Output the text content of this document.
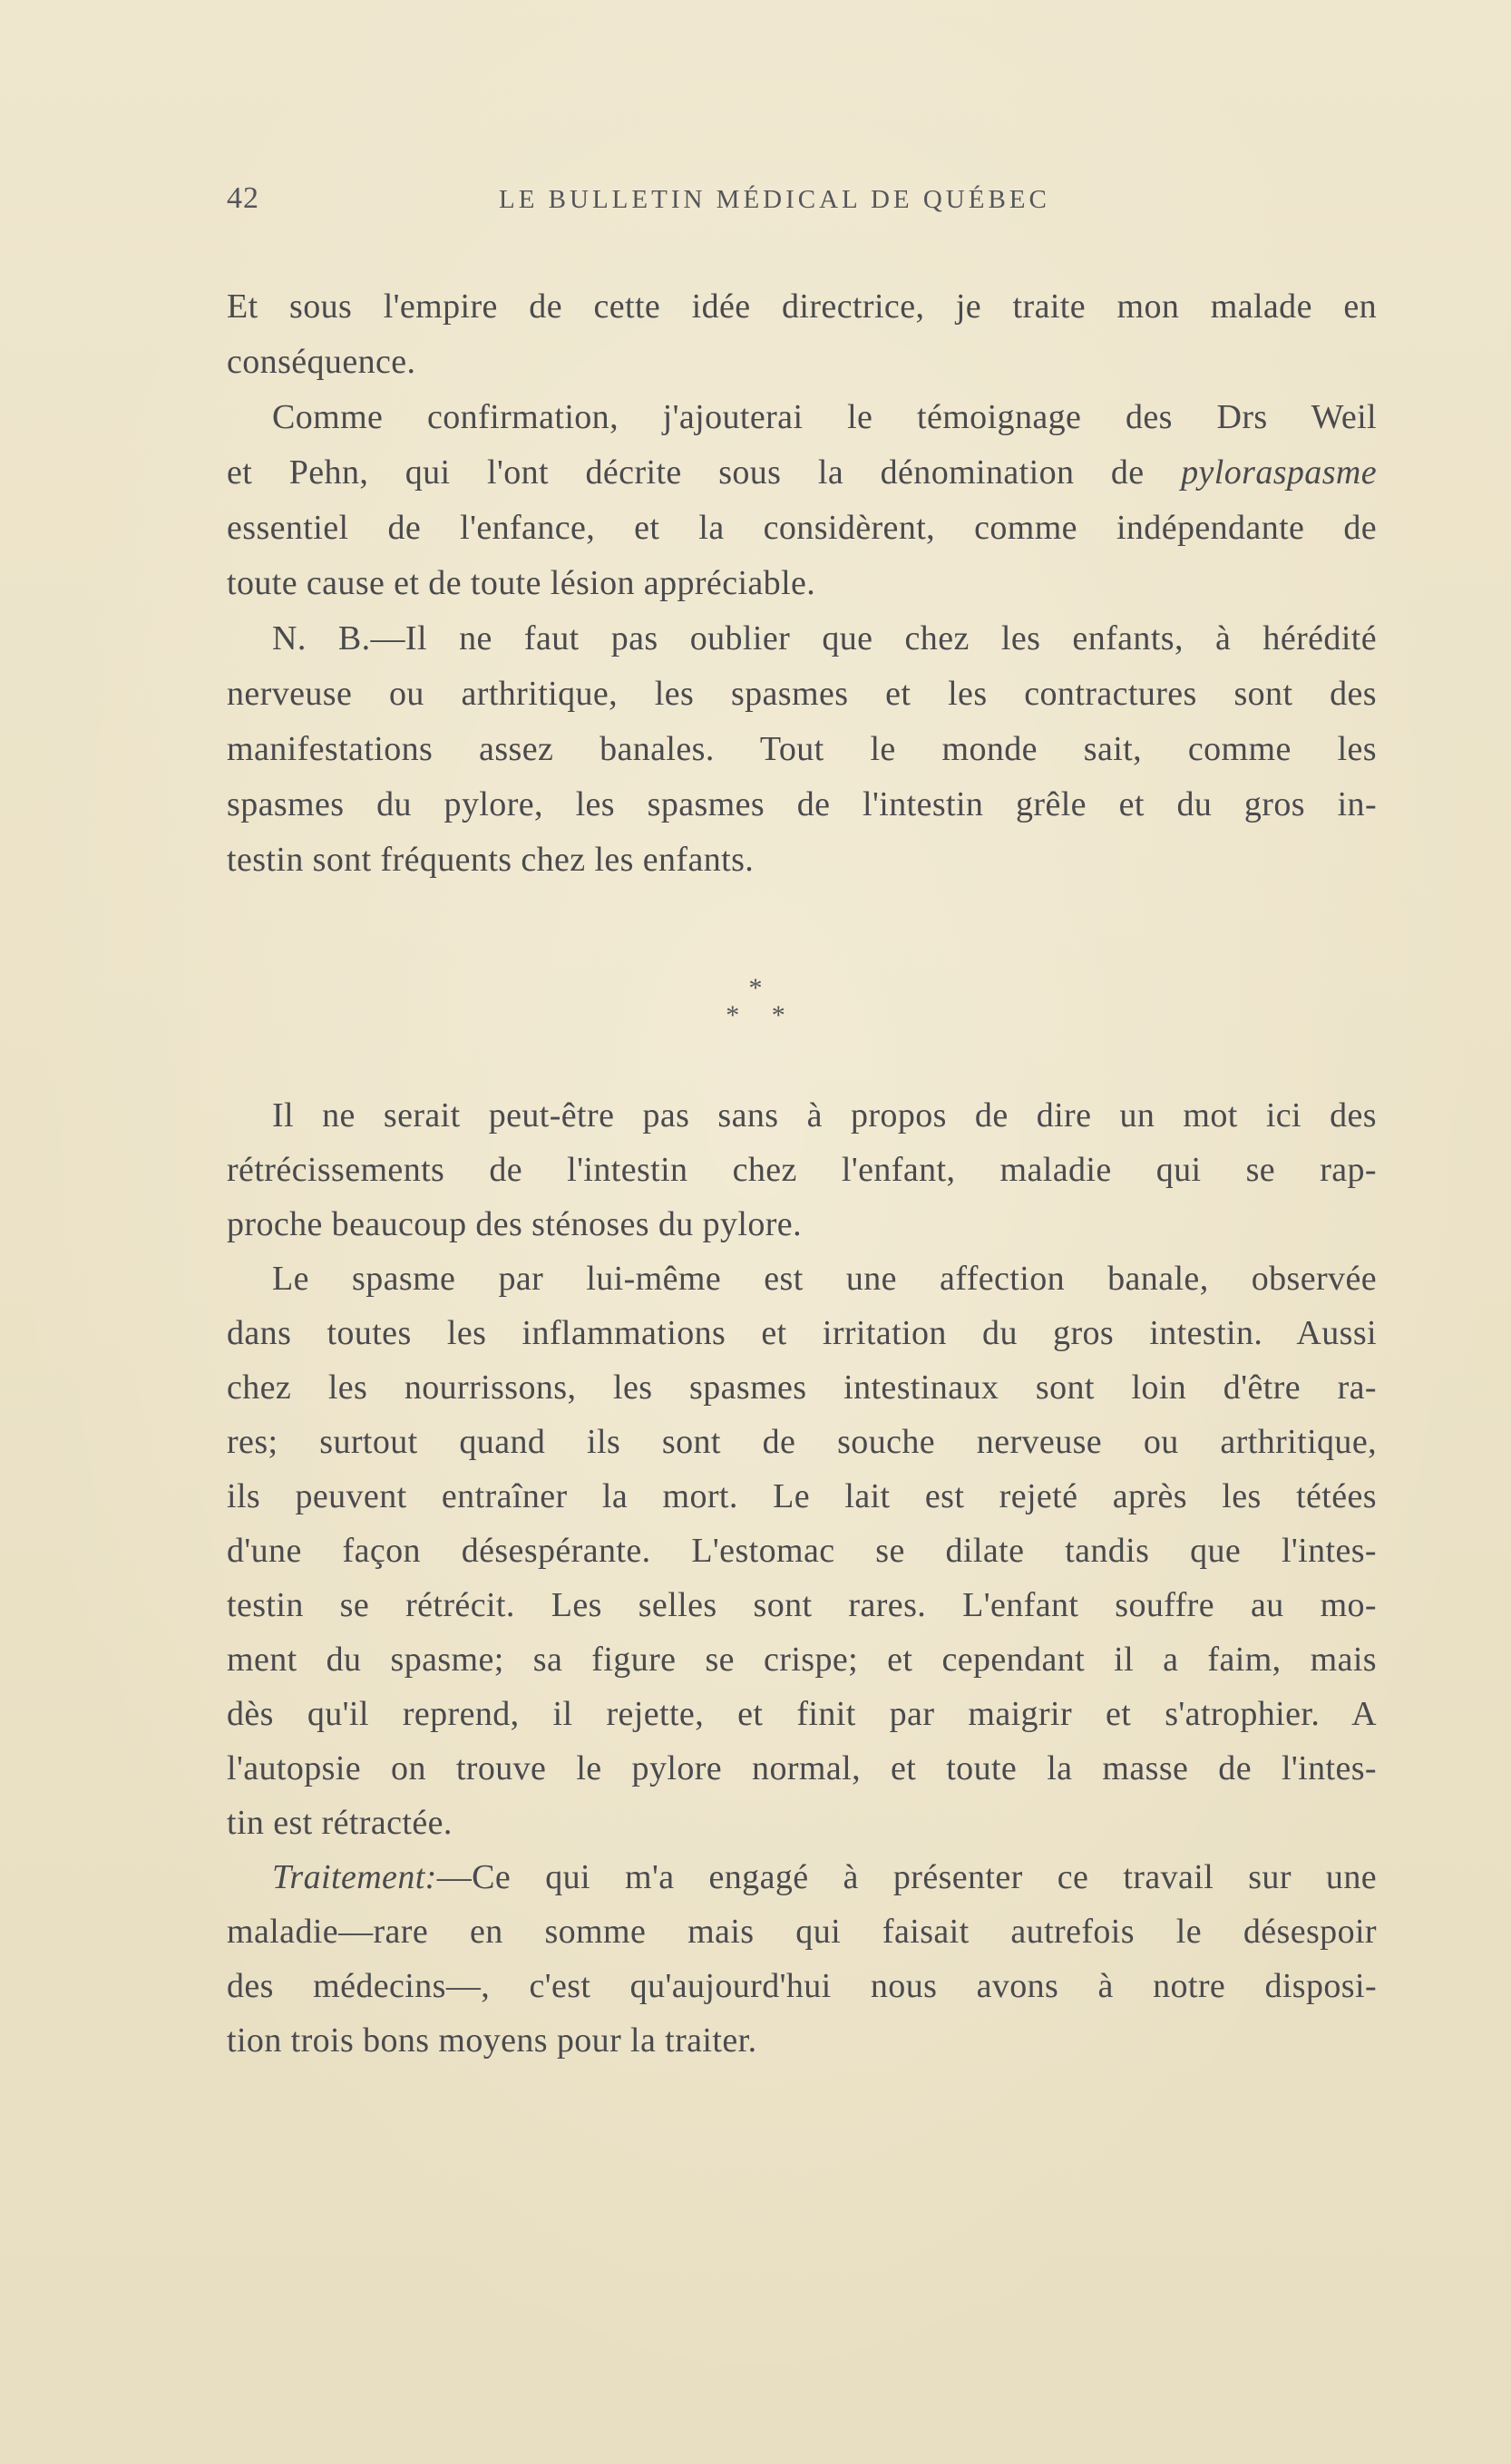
42	LE BULLETIN MÉDICAL DE QUÉBEC
Et sous l'empire de cette idée directrice, je traite mon malade en
conséquence.
Comme confirmation, j'ajouterai le témoignage des Drs Weil
et Pehn, qui l'ont décrite sous la dénomination de pyloraspasme
essentiel de l'enfance, et la considèrent, comme indépendante de
toute cause et de toute lésion appréciable.
N. B.—Il ne faut pas oublier que chez les enfants, à hérédité
nerveuse ou arthritique, les spasmes et les contractures sont des
manifestations assez banales. Tout le monde sait, comme les
spasmes du pylore, les spasmes de l'intestin grêle et du gros in-
testin sont fréquents chez les enfants.
*
* *
Il ne serait peut-être pas sans à propos de dire un mot ici des
rétrécissements de l'intestin chez l'enfant, maladie qui se rap-
proche beaucoup des sténoses du pylore.
Le spasme par lui-même est une affection banale, observée
dans toutes les inflammations et irritation du gros intestin. Aussi
chez les nourrissons, les spasmes intestinaux sont loin d'être ra-
res; surtout quand ils sont de souche nerveuse ou arthritique,
ils peuvent entraîner la mort. Le lait est rejeté après les tétées
d'une façon désespérante. L'estomac se dilate tandis que l'intes-
testin se rétrécit. Les selles sont rares. L'enfant souffre au mo-
ment du spasme; sa figure se crispe; et cependant il a faim, mais
dès qu'il reprend, il rejette, et finit par maigrir et s'atrophier. A
l'autopsie on trouve le pylore normal, et toute la masse de l'intes-
tin est rétractée.
Traitement:—Ce qui m'a engagé à présenter ce travail sur une
maladie—rare en somme mais qui faisait autrefois le désespoir
des médecins—, c'est qu'aujourd'hui nous avons à notre disposi-
tion trois bons moyens pour la traiter.
